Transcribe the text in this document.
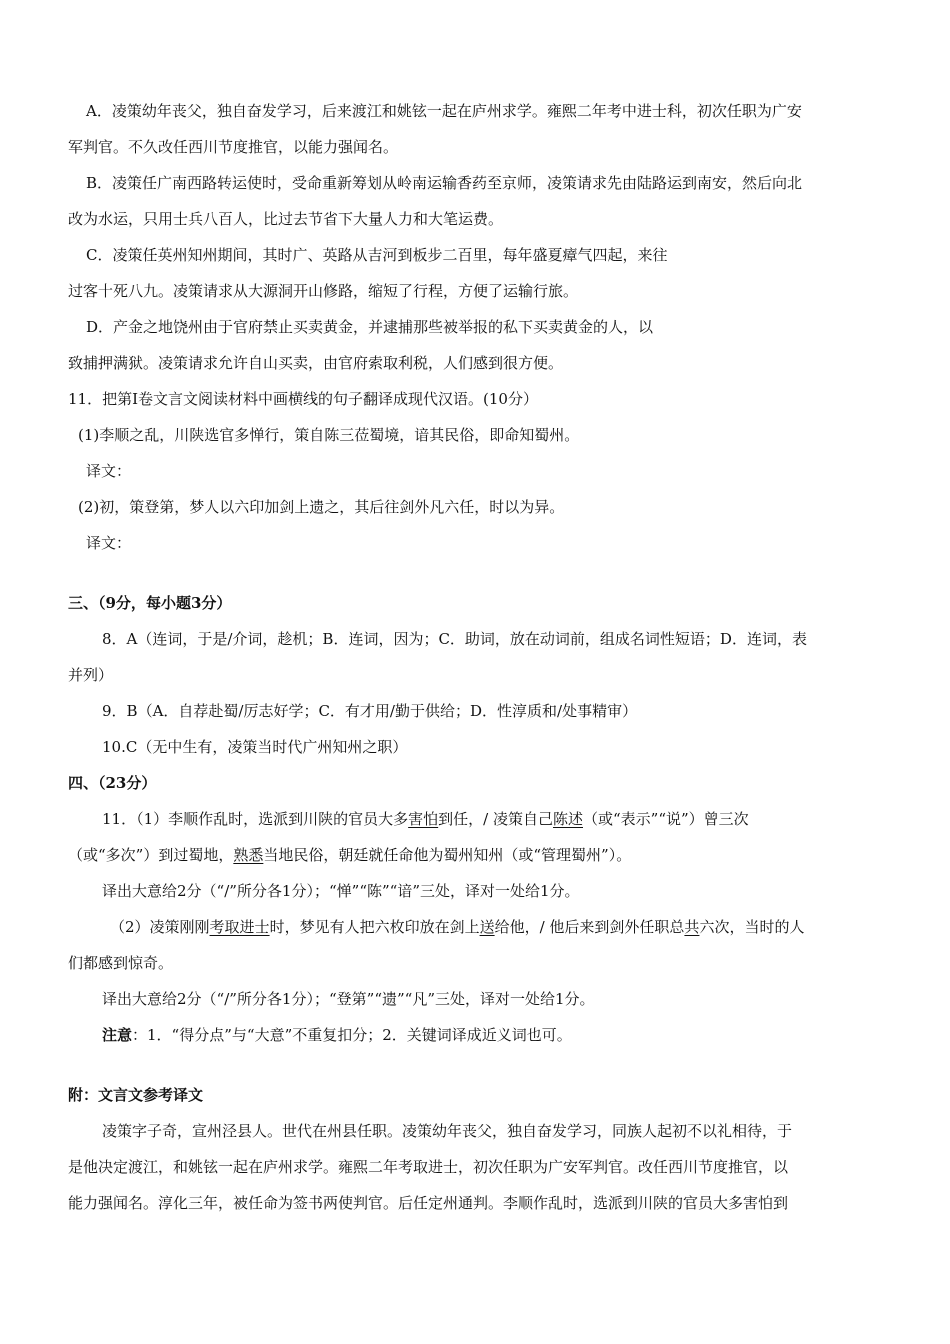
A．凌策幼年丧父，独自奋发学习，后来渡江和姚铉一起在庐州求学。雍熙二年考中进士科，初次任职为广安
军判官。不久改任西川节度推官，以能力强闻名。
B．凌策任广南西路转运使时，受命重新筹划从岭南运输香药至京师，凌策请求先由陆路运到南安，然后向北
改为水运，只用士兵八百人，比过去节省下大量人力和大笔运费。
C．凌策任英州知州期间，其时广、英路从吉河到板步二百里，每年盛夏瘴气四起，来往
过客十死八九。凌策请求从大源洞开山修路，缩短了行程，方便了运输行旅。
D．产金之地饶州由于官府禁止买卖黄金，并逮捕那些被举报的私下买卖黄金的人，以
致捕押满狱。凌策请求允许自山买卖，由官府索取利税，人们感到很方便。
11．把第Ⅰ卷文言文阅读材料中画横线的句子翻译成现代汉语。(10分）
(1)李顺之乱，川陕选官多惮行，策自陈三莅蜀境，谙其民俗，即命知蜀州。
译文：
(2)初，策登第，梦人以六印加剑上遗之，其后往剑外凡六任，时以为异。
译文：
三、（9分，每小题3分）
8．A（连词，于是/介词，趁机；B．连词，因为；C．助词，放在动词前，组成名词性短语；D．连词，表
并列）
9．B（A．自荐赴蜀/厉志好学；C．有才用/勤于供给；D．性淳质和/处事精审）
10.C（无中生有，凌策当时代广州知州之职）
四、（23分）
11．（1）李顺作乱时，选派到川陕的官员大多害怕到任，/ 凌策自己陈述（或“表示”“说”）曾三次
（或“多次”）到过蜀地，熟悉当地民俗，朝廷就任命他为蜀州知州（或“管理蜀州”）。
译出大意给2分（“/”所分各1分）；“惮”“陈”“谙”三处，译对一处给1分。
（2）凌策刚刚考取进士时，梦见有人把六枚印放在剑上送给他，/ 他后来到剑外任职总共六次，当时的人
们都感到惊奇。
译出大意给2分（“/”所分各1分）；“登第”“遗”“凡”三处，译对一处给1分。
注意：1．“得分点”与“大意”不重复扣分；2．关键词译成近义词也可。
附：文言文参考译文
凌策字子奇，宣州泾县人。世代在州县任职。凌策幼年丧父，独自奋发学习，同族人起初不以礼相待，于
是他决定渡江，和姚铉一起在庐州求学。雍熙二年考取进士，初次任职为广安军判官。改任西川节度推官，以
能力强闻名。淳化三年，被任命为签书两使判官。后任定州通判。李顺作乱时，选派到川陕的官员大多害怕到
